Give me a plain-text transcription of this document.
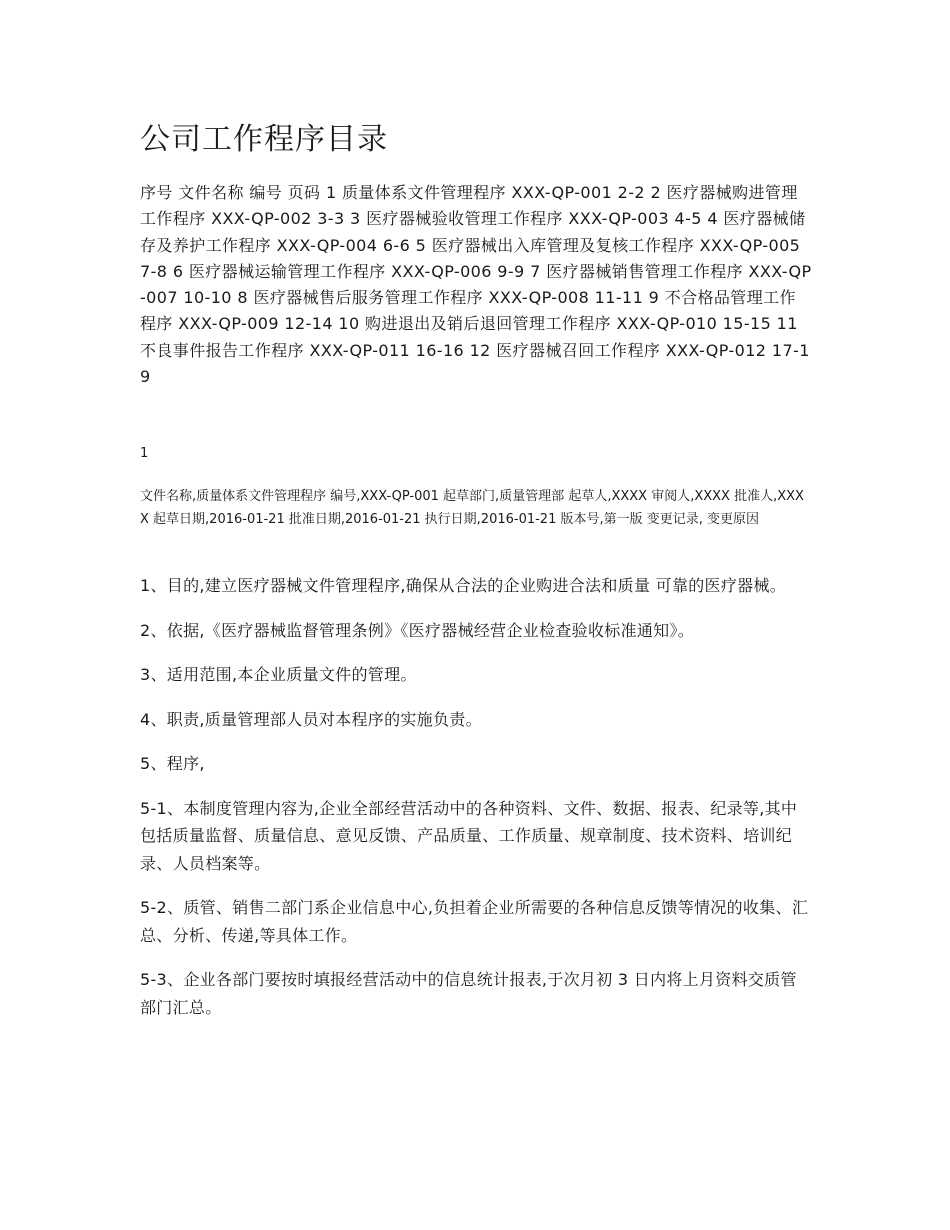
公司工作程序目录

序号 文件名称 编号 页码 1 质量体系文件管理程序 XXX-QP-001 2-2 2 医疗器械购进管理工作程序 XXX-QP-002 3-3 3 医疗器械验收管理工作程序 XXX-QP-003 4-5 4 医疗器械储存及养护工作程序 XXX-QP-004 6-6 5 医疗器械出入库管理及复核工作程序 XXX-QP-005 7-8 6 医疗器械运输管理工作程序 XXX-QP-006 9-9 7 医疗器械销售管理工作程序 XXX-QP-007 10-10 8 医疗器械售后服务管理工作程序 XXX-QP-008 11-11 9 不合格品管理工作程序 XXX-QP-009 12-14 10 购进退出及销后退回管理工作程序 XXX-QP-010 15-15 11 不良事件报告工作程序 XXX-QP-011 16-16 12 医疗器械召回工作程序 XXX-QP-012 17-19

1

文件名称,质量体系文件管理程序 编号,XXX-QP-001 起草部门,质量管理部 起草人,XXXX 审阅人,XXXX 批准人,XXXX 起草日期,2016-01-21 批准日期,2016-01-21 执行日期,2016-01-21 版本号,第一版 变更记录, 变更原因

1、目的,建立医疗器械文件管理程序,确保从合法的企业购进合法和质量 可靠的医疗器械。

2、依据,《医疗器械监督管理条例》《医疗器械经营企业检查验收标准通知》。

3、适用范围,本企业质量文件的管理。

4、职责,质量管理部人员对本程序的实施负责。

5、程序,

5-1、本制度管理内容为,企业全部经营活动中的各种资料、文件、数据、报表、纪录等,其中包括质量监督、质量信息、意见反馈、产品质量、工作质量、规章制度、技术资料、培训纪录、人员档案等。

5-2、质管、销售二部门系企业信息中心,负担着企业所需要的各种信息反馈等情况的收集、汇总、分析、传递,等具体工作。

5-3、企业各部门要按时填报经营活动中的信息统计报表,于次月初 3 日内将上月资料交质管部门汇总。
